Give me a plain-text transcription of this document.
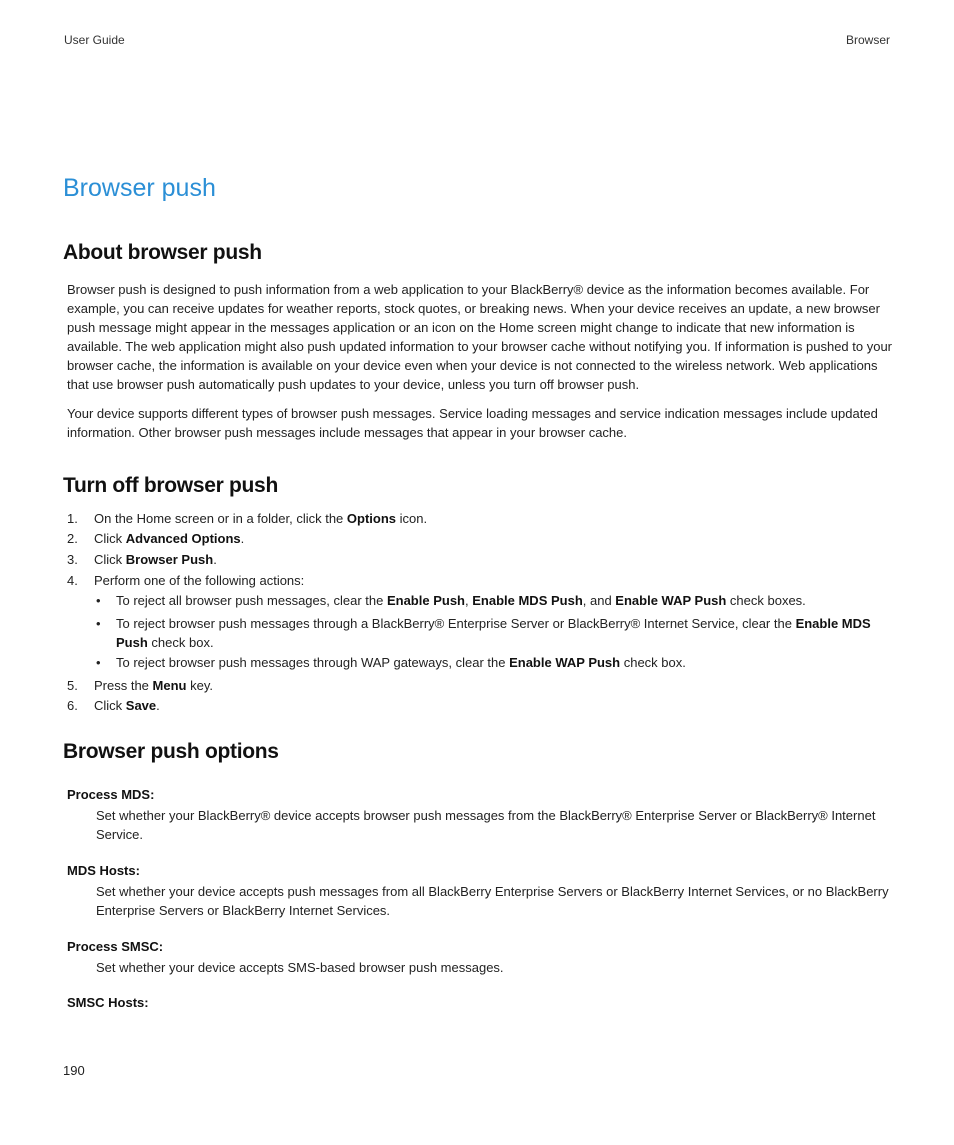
User Guide	Browser
Browser push
About browser push

Browser push is designed to push information from a web application to your BlackBerry® device as the information becomes available. For example, you can receive updates for weather reports, stock quotes, or breaking news. When your device receives an update, a new browser push message might appear in the messages application or an icon on the Home screen might change to indicate that new information is available. The web application might also push updated information to your browser cache without notifying you. If information is pushed to your browser cache, the information is available on your device even when your device is not connected to the wireless network. Web applications that use browser push automatically push updates to your device, unless you turn off browser push.

Your device supports different types of browser push messages. Service loading messages and service indication messages include updated information. Other browser push messages include messages that appear in your browser cache.

Turn off browser push
1. On the Home screen or in a folder, click the Options icon.
2. Click Advanced Options.
3. Click Browser Push.
4. Perform one of the following actions:
• To reject all browser push messages, clear the Enable Push, Enable MDS Push, and Enable WAP Push check boxes.
• To reject browser push messages through a BlackBerry® Enterprise Server or BlackBerry® Internet Service, clear the Enable MDS Push check box.
• To reject browser push messages through WAP gateways, clear the Enable WAP Push check box.
5. Press the Menu key.
6. Click Save.
Browser push options
Process MDS:
Set whether your BlackBerry® device accepts browser push messages from the BlackBerry® Enterprise Server or BlackBerry® Internet Service.
MDS Hosts:
Set whether your device accepts push messages from all BlackBerry Enterprise Servers or BlackBerry Internet Services, or no BlackBerry Enterprise Servers or BlackBerry Internet Services.
Process SMSC:
Set whether your device accepts SMS-based browser push messages.
SMSC Hosts:
190
